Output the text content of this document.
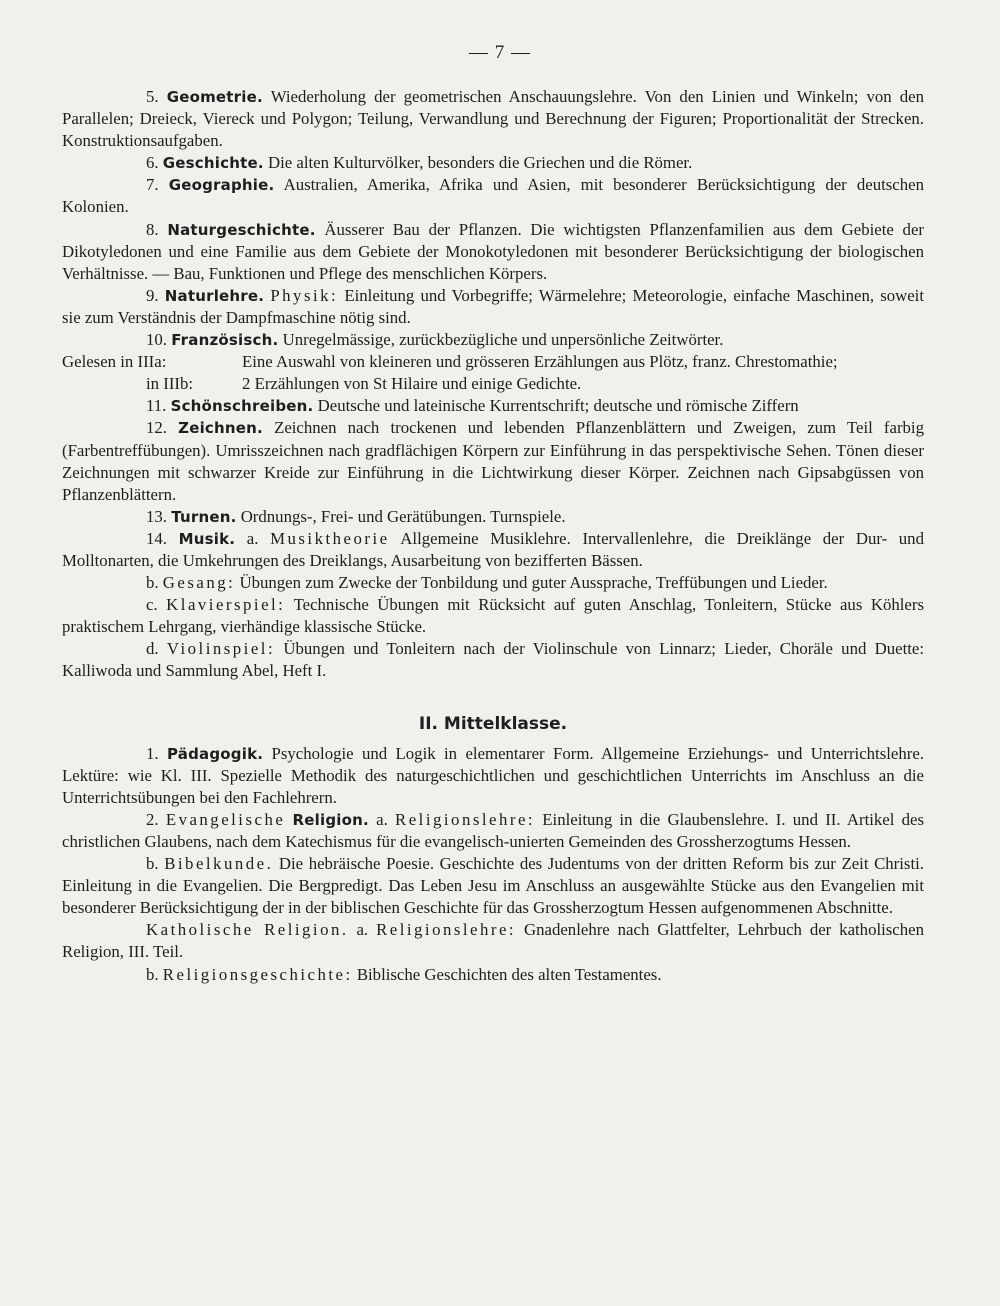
— 7 —

5. Geometrie. Wiederholung der geometrischen Anschauungslehre. Von den Linien und Winkeln; von den Parallelen; Dreieck, Viereck und Polygon; Teilung, Verwandlung und Berechnung der Figuren; Proportionalität der Strecken. Konstruktionsaufgaben.

6. Geschichte. Die alten Kulturvölker, besonders die Griechen und die Römer.

7. Geographie. Australien, Amerika, Afrika und Asien, mit besonderer Berücksichtigung der deutschen Kolonien.

8. Naturgeschichte. Äusserer Bau der Pflanzen. Die wichtigsten Pflanzenfamilien aus dem Gebiete der Dikotyledonen und eine Familie aus dem Gebiete der Monokotyledonen mit besonderer Berücksichtigung der biologischen Verhältnisse. — Bau, Funktionen und Pflege des menschlichen Körpers.

9. Naturlehre. Physik: Einleitung und Vorbegriffe; Wärmelehre; Meteorologie, einfache Maschinen, soweit sie zum Verständnis der Dampfmaschine nötig sind.

10. Französisch. Unregelmässige, zurückbezügliche und unpersönliche Zeitwörter.

Gelesen in IIIa:	Eine Auswahl von kleineren und grösseren Erzählungen aus Plötz, franz. Chrestomathie;
in IIIb:	2 Erzählungen von St Hilaire und einige Gedichte.

11. Schönschreiben. Deutsche und lateinische Kurrentschrift; deutsche und römische Ziffern

12. Zeichnen. Zeichnen nach trockenen und lebenden Pflanzenblättern und Zweigen, zum Teil farbig (Farbentreffübungen). Umrisszeichnen nach gradflächigen Körpern zur Einführung in das perspektivische Sehen. Tönen dieser Zeichnungen mit schwarzer Kreide zur Einführung in die Lichtwirkung dieser Körper. Zeichnen nach Gipsabgüssen von Pflanzenblättern.

13. Turnen. Ordnungs-, Frei- und Gerätübungen. Turnspiele.

14. Musik. a. Musiktheorie Allgemeine Musiklehre. Intervallenlehre, die Dreiklänge der Dur- und Molltonarten, die Umkehrungen des Dreiklangs, Ausarbeitung von bezifferten Bässen.

b. Gesang: Übungen zum Zwecke der Tonbildung und guter Aussprache, Treffübungen und Lieder.

c. Klavierspiel: Technische Übungen mit Rücksicht auf guten Anschlag, Tonleitern, Stücke aus Köhlers praktischem Lehrgang, vierhändige klassische Stücke.

d. Violinspiel: Übungen und Tonleitern nach der Violinschule von Linnarz; Lieder, Choräle und Duette: Kalliwoda und Sammlung Abel, Heft I.

II. Mittelklasse.

1. Pädagogik. Psychologie und Logik in elementarer Form. Allgemeine Erziehungs- und Unterrichtslehre. Lektüre: wie Kl. III. Spezielle Methodik des naturgeschichtlichen und geschichtlichen Unterrichts im Anschluss an die Unterrichtsübungen bei den Fachlehrern.

2. Evangelische Religion. a. Religionslehre: Einleitung in die Glaubenslehre. I. und II. Artikel des christlichen Glaubens, nach dem Katechismus für die evangelisch-unierten Gemeinden des Grossherzogtums Hessen.

b. Bibelkunde. Die hebräische Poesie. Geschichte des Judentums von der dritten Reform bis zur Zeit Christi. Einleitung in die Evangelien. Die Bergpredigt. Das Leben Jesu im Anschluss an ausgewählte Stücke aus den Evangelien mit besonderer Berücksichtigung der in der biblischen Geschichte für das Grossherzogtum Hessen aufgenommenen Abschnitte.

Katholische Religion. a. Religionslehre: Gnadenlehre nach Glattfelter, Lehrbuch der katholischen Religion, III. Teil.

b. Religionsgeschichte: Biblische Geschichten des alten Testamentes.
